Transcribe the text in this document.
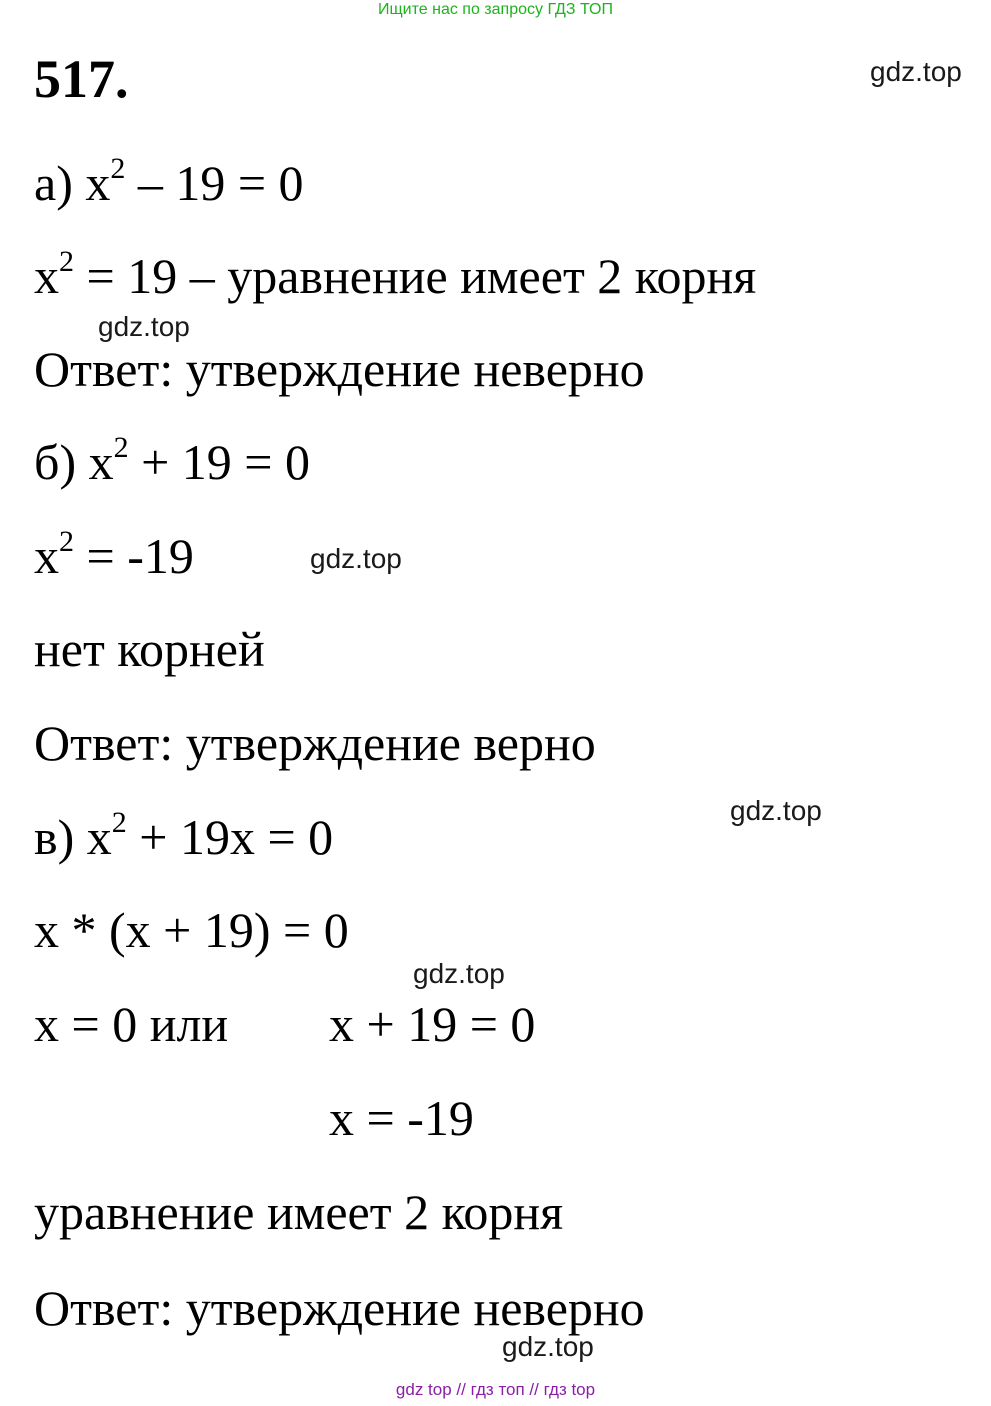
Ищите нас по запросу ГДЗ ТОП
517.	gdz.top
а) $x^2 - 19 = 0$
$x^2 = 19$ – уравнение имеет 2 корня
gdz.top
Ответ: утверждение неверно
б) $x^2 + 19 = 0$
$x^2 = -19$	gdz.top
нет корней
Ответ: утверждение верно
gdz.top
в) $x^2 + 19x = 0$
x * (x + 19) = 0
gdz.top
x = 0 или x + 19 = 0
x = -19
уравнение имеет 2 корня
Ответ: утверждение неверно
gdz.top
gdz top // гдз топ // гдз top
